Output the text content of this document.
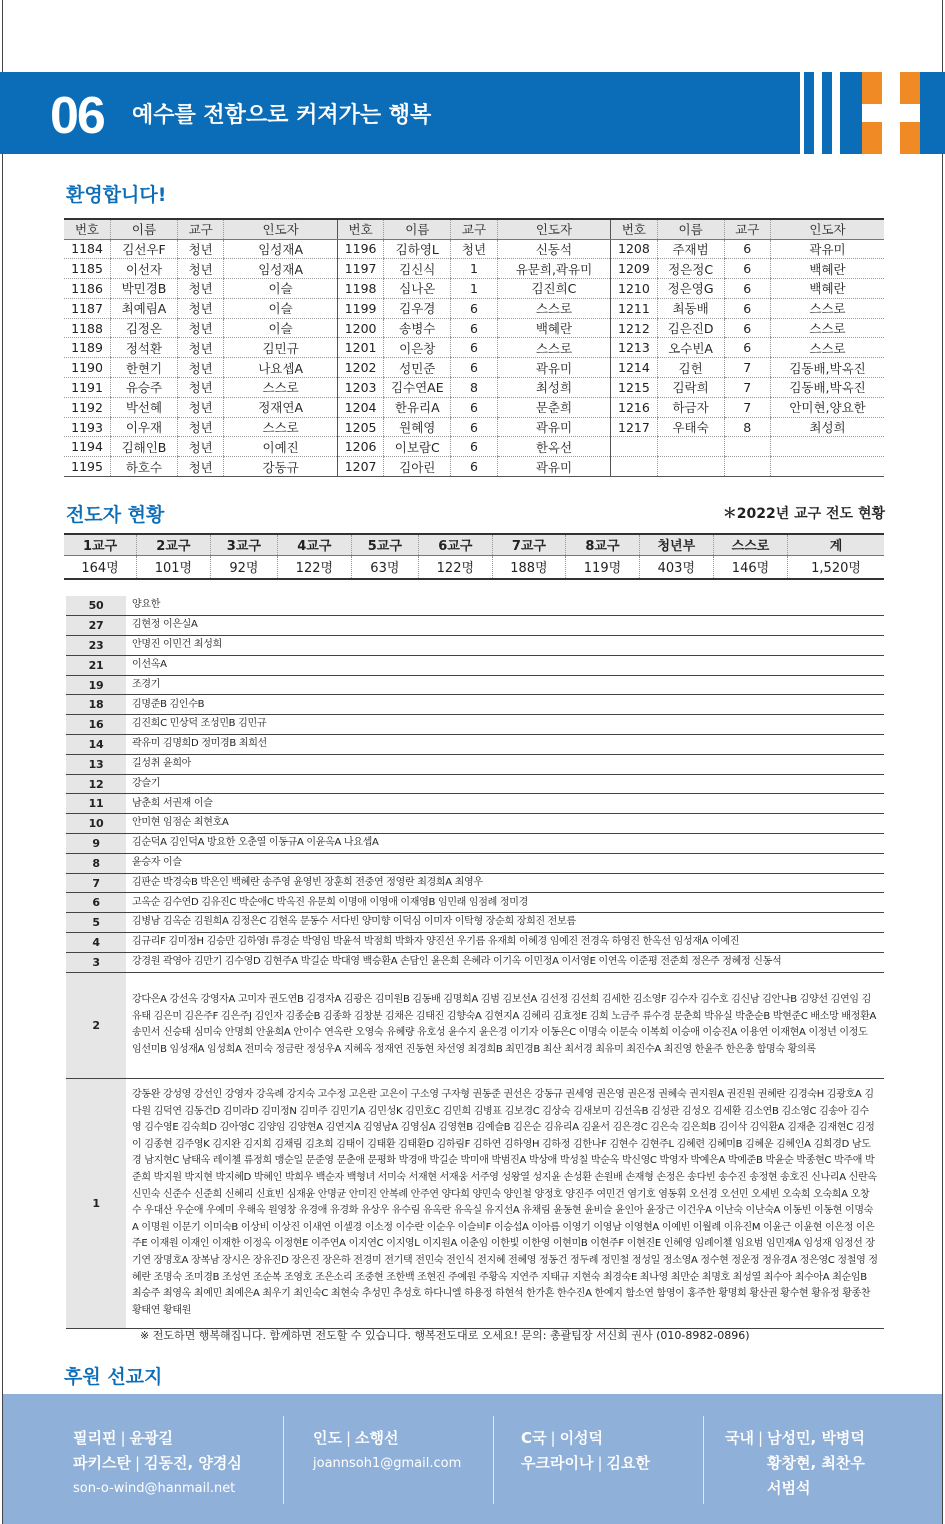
06 예수를 전함으로 커져가는 행복
환영합니다!
번호	이름	교구	인도자	번호	이름	교구	인도자	번호	이름	교구	인도자
1184	김선우F	청년	임성재A	1196	김하영L	청년	신동석	1208	주재범	6	곽유미
1185	이선자	청년	임성재A	1197	김신식	1	유문희,곽유미	1209	정은정C	6	백혜란
1186	박민경B	청년	이슬	1198	심나온	1	김진희C	1210	정은영G	6	백혜란
1187	최예림A	청년	이슬	1199	김우경	6	스스로	1211	최동배	6	스스로
1188	김정온	청년	이슬	1200	송병수	6	백혜란	1212	김은진D	6	스스로
1189	정석환	청년	김민규	1201	이은창	6	스스로	1213	오수빈A	6	스스로
1190	한현기	청년	나요셉A	1202	성민준	6	곽유미	1214	김헌	7	김동배,박옥진
1191	유승주	청년	스스로	1203	김수연AE	8	최성희	1215	김락희	7	김동배,박옥진
1192	박선혜	청년	정재연A	1204	한유리A	6	문춘희	1216	하금자	7	안미현,양요한
1193	이우재	청년	스스로	1205	원혜영	6	곽유미	1217	우태숙	8	최성희
1194	김해인B	청년	이예진	1206	이보람C	6	한옥선				
1195	하호수	청년	강동규	1207	김아린	6	곽유미				
전도자 현황	＊2022년 교구 전도 현황
1교구	2교구	3교구	4교구	5교구	6교구	7교구	8교구	청년부	스스로	계
164명	101명	92명	122명	63명	122명	188명	119명	403명	146명	1,520명
50	양요한
27	김현정 이은실A
23	안명진 이민건 최성희
21	이선옥A
19	조경기
18	김명준B 김인수B
16	김진희C 민상덕 조성민B 김민규
14	곽유미 김명희D 정미경B 최희선
13	길성취 윤희아
12	강슬기
11	남춘희 서권재 이슬
10	안미현 임점순 최현호A
9	김순덕A 김인덕A 방요한 오춘열 이동규A 이윤옥A 나요셉A
8	윤승자 이슬
7	김판순 박경숙B 박은인 백혜란 송주영 윤영빈 장훈희 전중연 정영란 최경희A 최영우
6	고옥순 김수연D 김유진C 박순애C 박옥진 유문희 이명애 이영애 이재영B 임민래 임점례 정미경
5	김병남 김옥순 김원희A 김정은C 김현옥 문동수 서다빈 양미향 이덕심 이미자 이탁형 장순희 장희진 전보름
4	김규리F 김미정H 김승만 김하영I 류경순 박영임 박윤석 박점희 박화자 양진선 우기름 유재희 이혜경 임예진 전경옥 하영진 한옥선 임성재A 이예진
3	강경원 곽영아 김만기 김수영D 김현주A 박길순 박대영 백승환A 손담인 윤은희 은혜라 이기옥 이민정A 이서영E 이연옥 이준평 전준희 정은주 정혜정 신동석
2	강다은A 강선옥 강영자A 고미자 권도연B 김경자A 김광은 김미원B 김동배 김명희A 김범 김보선A 김선정 김선희 김세한 김소영F 김수자 김수호 김신남 김안나B 김양선 김연임 김유태 김은미 김은주F 김은주J 김인자 김종순B 김종화 김창분 김채은 김태진 김향숙A 김현지A 김혜리 김효정E 김희 노금주 류수경 문춘희 박유실 박춘순B 박현준C 배소망 배정환A 송민서 신승태 심미숙 안명희 안윤희A 안이수 연옥란 오영숙 유혜량 유호성 윤수지 윤은경 이기자 이동은C 이명숙 이문숙 이복희 이승애 이승진A 이용연 이재현A 이정년 이정도 임선미B 임성재A 임성희A 전미숙 정금란 정성우A 지혜옥 정재연 진동현 차선영 최경희B 최민경B 최산 최서경 최유미 최진수A 최진영 한윤주 한은총 함명숙 황의록
1	강동완 강성영 강선인 강영자 강옥례 강지숙 고수정 고은란 고은이 구소영 구자형 권동준 권선은 강동규 권세영 권은영 권은정 권혜숙 권지원A 권진원 권혜란 김경숙H 김광호A 김다원 김덕연 김동건D 김미라D 김미정N 김미주 김민기A 김민성K 김민호C 김민희 김병표 김보경C 김상숙 김새보미 김선옥B 김성관 김성오 김세환 김소연B 김소영C 김송아 김수영 김수영E 김숙희D 김아영C 김양임 김양현A 김연지A 김영남A 김영심A 김영현B 김예슬B 김은순 김유리A 김윤서 김은경C 김은숙 김은희B 김이삭 김익환A 김재춘 김재현C 김정이 김종현 김주영K 김지완 김지희 김채림 김초희 김태이 김태환 김태환D 김하림F 김하연 김하영H 김하정 김한나F 김현수 김현주L 김혜련 김혜미B 김혜운 김혜인A 김희경D 남도경 남지현C 남태옥 레이첼 류정희 맹순일 문준영 문춘애 문평화 박경애 박길순 박미애 박범진A 박상애 박성칠 박순옥 박신영C 박영자 박예은A 박예준B 박윤순 박종현C 박주애 박준희 박지원 박지현 박지혜D 박혜인 박희우 백순자 백형녀 서미숙 서재현 서재웅 서주영 성왕열 성지윤 손성환 손원배 손재형 손정은 송다빈 송수진 송정현 송호진 신나리A 신란옥 신민숙 신준수 신준희 신혜리 신효빈 심재윤 안명균 안미진 안복례 안주연 양다희 양민숙 양인철 양정호 양진주 여민건 염기호 염동휘 오선경 오선민 오세빈 오숙희 오숙희A 오창수 우대산 우순애 우예미 우해옥 원영창 유경애 유경화 유상우 유수림 유옥란 유옥실 유지선A 유채림 윤동현 윤비슬 윤인아 윤장근 이건우A 이난숙 이난숙A 이동빈 이동현 이명숙A 이명원 이문기 이미숙B 이상비 이상진 이새연 이셀경 이소정 이수란 이순우 이슬비F 이승섭A 이아름 이영기 이영남 이영현A 이예빈 이월례 이유진M 이윤근 이윤현 이은정 이은주E 이재원 이재인 이재한 이정옥 이정현E 이주연A 이지연C 이지영L 이지원A 이춘임 이한빛 이한영 이현미B 이현주F 이현진E 인혜영 임례이첼 임요범 임민재A 임성재 임정선 장기연 장명호A 장복남 장시은 장유진D 장은진 장은하 전경미 전기택 전민숙 전인식 전지혜 전혜영 정동건 정두례 정민철 정성일 정소영A 정수현 정운정 정유경A 정은영C 정철영 정혜란 조명숙 조미경B 조성연 조순복 조영호 조은소리 조중현 조한백 조현진 주예원 주황옥 지연주 지태규 지현숙 최경숙E 최나영 최만순 최명호 최성열 최수아 최수아A 최순임B 최승주 최영옥 최예민 최예은A 최우기 최인숙C 최현숙 추성민 추성호 하다니엘 하용정 하현석 한가흔 한수진A 한예지 함소연 함영이 홍주한 황명희 황산권 황수현 황유정 황종찬 황태연 황태원
※ 전도하면 행복해집니다. 함께하면 전도할 수 있습니다. 행복전도대로 오세요! 문의: 총괄팀장 서신희 권사 (010-8982-0896)
후원 선교지
필리핀 | 윤광길
파키스탄 | 김동진, 양경심
son-o-wind@hanmail.net
인도 | 소행선
joannsoh1@gmail.com
C국 | 이성덕
우크라이나 | 김요한
국내 | 남성민, 박병덕
황창현, 최찬우
서범석
